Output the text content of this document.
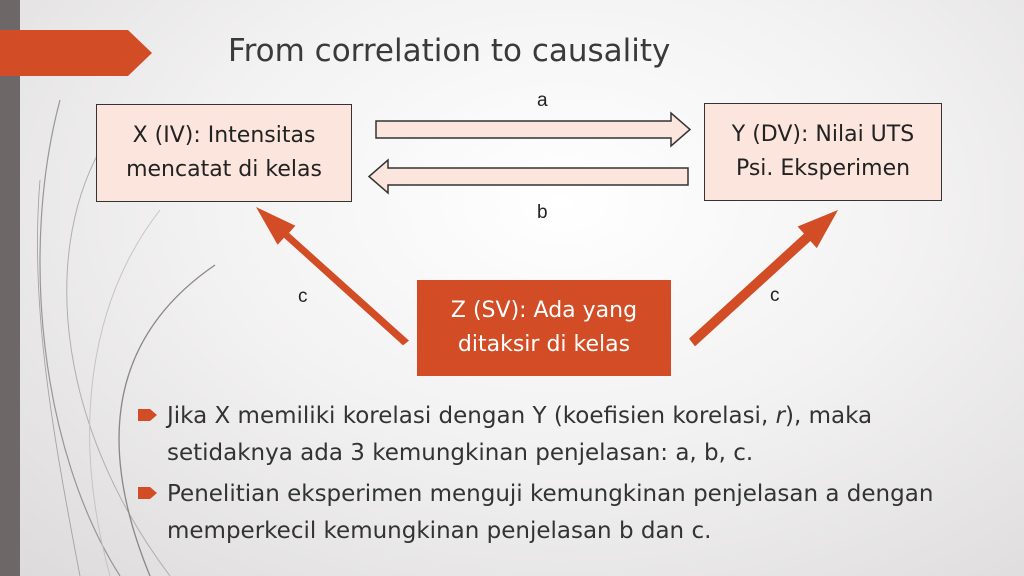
From correlation to causality
X (IV): Intensitas
mencatat di kelas
Y (DV): Nilai UTS
Psi. Eksperimen
Z (SV): Ada yang
ditaksir di kelas
a
b
c	c
Jika X memiliki korelasi dengan Y (koefisien korelasi, r), maka setidaknya ada 3 kemungkinan penjelasan: a, b, c.
Penelitian eksperimen menguji kemungkinan penjelasan a dengan memperkecil kemungkinan penjelasan b dan c.
